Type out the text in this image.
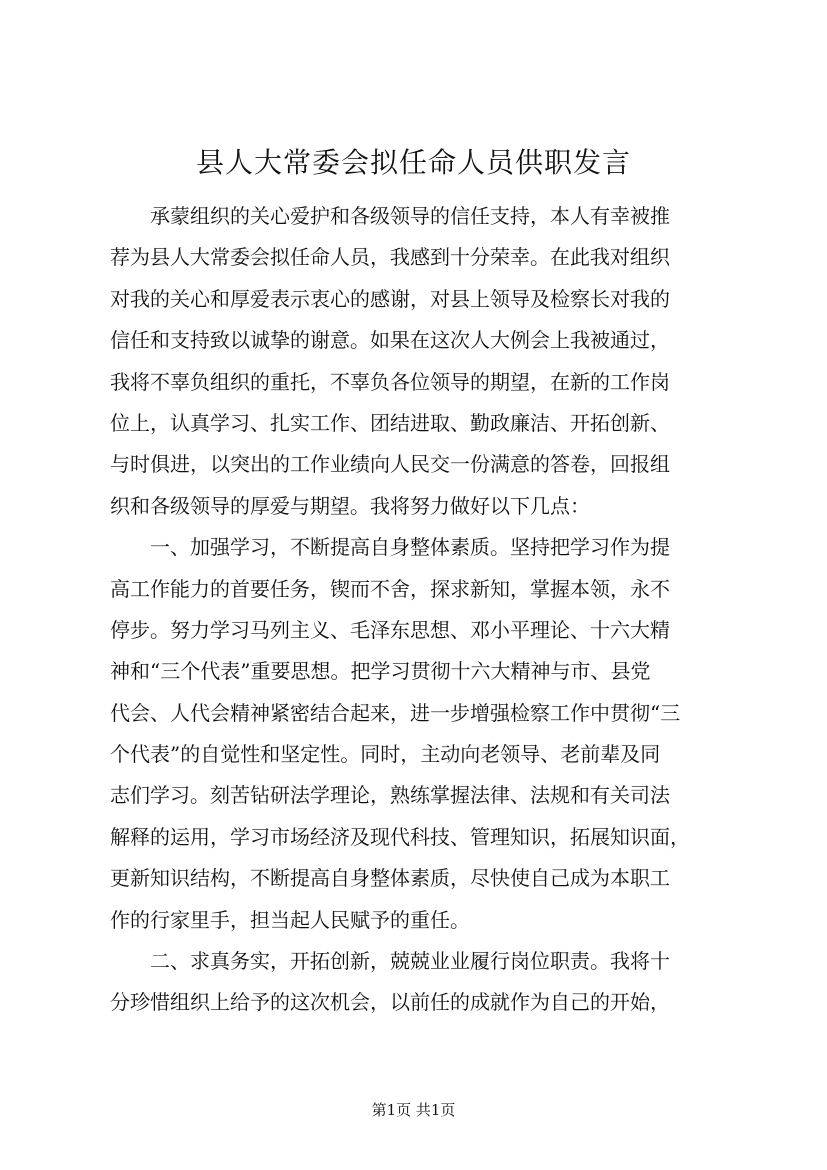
县人大常委会拟任命人员供职发言
　　承蒙组织的关心爱护和各级领导的信任支持，本人有幸被推
荐为县人大常委会拟任命人员，我感到十分荣幸。在此我对组织
对我的关心和厚爱表示衷心的感谢，对县上领导及检察长对我的
信任和支持致以诚挚的谢意。如果在这次人大例会上我被通过，
我将不辜负组织的重托，不辜负各位领导的期望，在新的工作岗
位上，认真学习、扎实工作、团结进取、勤政廉洁、开拓创新、
与时俱进，以突出的工作业绩向人民交一份满意的答卷，回报组
织和各级领导的厚爱与期望。我将努力做好以下几点：
　　一、加强学习，不断提高自身整体素质。坚持把学习作为提
高工作能力的首要任务，锲而不舍，探求新知，掌握本领，永不
停步。努力学习马列主义、毛泽东思想、邓小平理论、十六大精
神和“三个代表”重要思想。把学习贯彻十六大精神与市、县党
代会、人代会精神紧密结合起来，进一步增强检察工作中贯彻“三
个代表”的自觉性和坚定性。同时，主动向老领导、老前辈及同
志们学习。刻苦钻研法学理论，熟练掌握法律、法规和有关司法
解释的运用，学习市场经济及现代科技、管理知识，拓展知识面，
更新知识结构，不断提高自身整体素质，尽快使自己成为本职工
作的行家里手，担当起人民赋予的重任。
　　二、求真务实，开拓创新，兢兢业业履行岗位职责。我将十
分珍惜组织上给予的这次机会，以前任的成就作为自己的开始，
第1页 共1页
